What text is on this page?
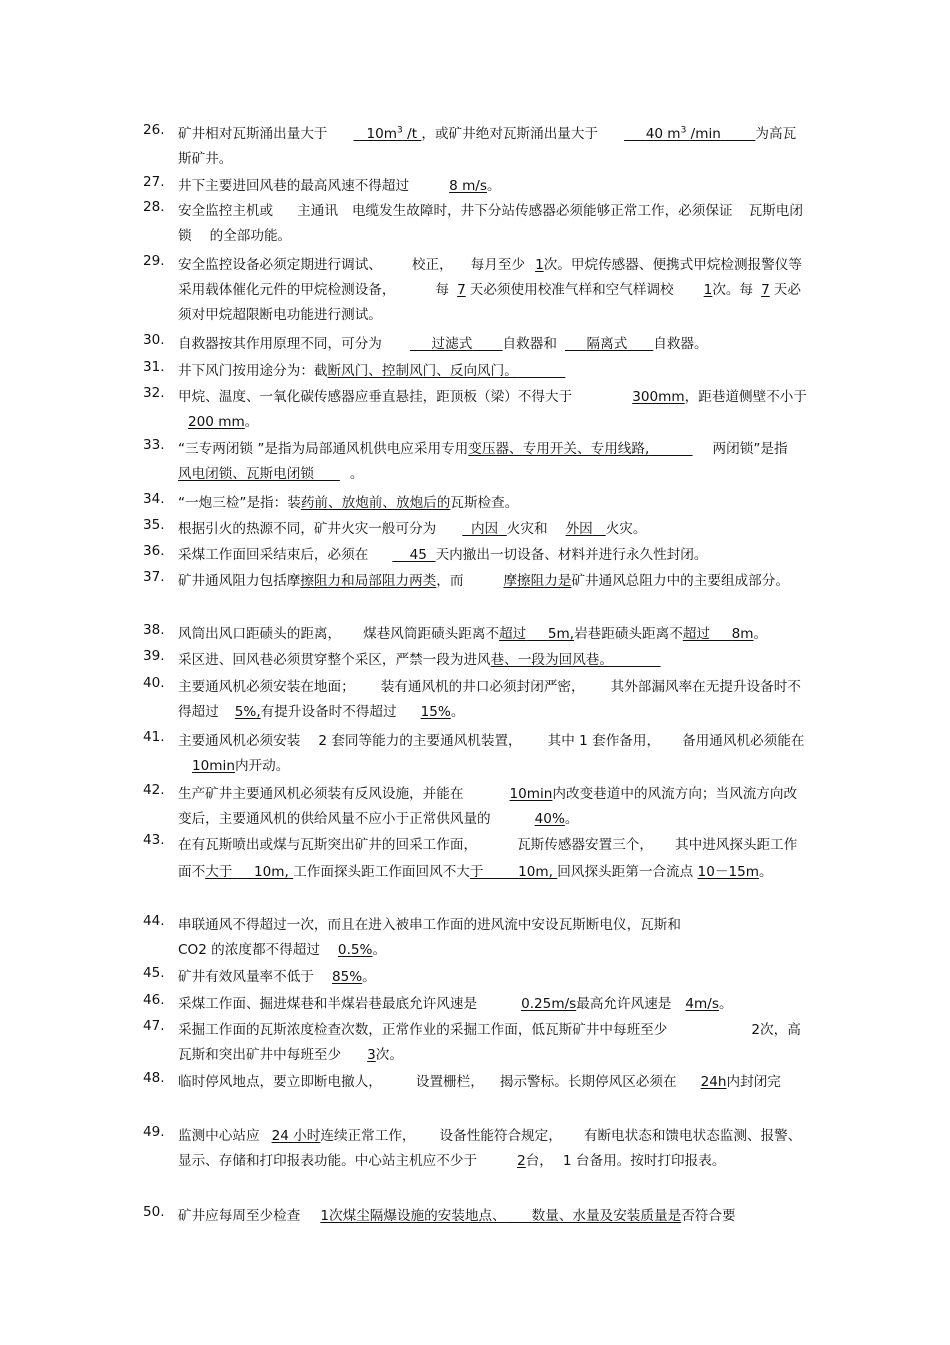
26. 矿井相对瓦斯涌出量大于	$10m^3$ /t ，或矿井绝对瓦斯涌出量大于	40 $m^3$ /min	为高瓦斯矿井。
27. 井下主要进回风巷的最高风速不得超过	8 m/s。
28. 安全监控主机或 主通讯 电缆发生故障时，井下分站传感器必须能够正常工作，必须保证 瓦斯电闭锁 的全部功能。
29. 安全监控设备必须定期进行调试、 校正， 每月至少 1次。甲烷传感器、便携式甲烷检测报警仪等采用载体催化元件的甲烷检测设备，	每 7 天必须使用校准气样和空气样调校 1次。每 7 天必须对甲烷超限断电功能进行测试。
30. 自救器按其作用原理不同，可分为	过滤式 自救器和 隔离式 自救器。
31. 井下风门按用途分为：截断风门、控制风门、反向风门。
32. 甲烷、温度、一氧化碳传感器应垂直悬挂，距顶板（梁）不得大于	300mm，距巷道侧壁不小于200 mm。
33. “三专两闭锁 ”是指为局部通风机供电应采用专用变压器、专用开关、专用线路,	两闭锁”是指风电闭锁、瓦斯电闭锁	。
34. “一炮三检”是指：装药前、放炮前、放炮后的瓦斯检查。
35. 根据引火的热源不同，矿井火灾一般可分为	内因 火灾和 外因 火灾。
36. 采煤工作面回采结束后，必须在	45 天内撤出一切设备、材料并进行永久性封闭。
37. 矿井通风阻力包括摩擦阻力和局部阻力两类，而	摩擦阻力是矿井通风总阻力中的主要组成部分。
38. 风筒出风口距碛头的距离， 煤巷风筒距碛头距离不超过 5m,岩巷距碛头距离不超过 8m。
39. 采区进、回风巷必须贯穿整个采区，严禁一段为进风巷、一段为回风巷。
40. 主要通风机必须安装在地面； 装有通风机的井口必须封闭严密， 其外部漏风率在无提升设备时不得超过 5%,有提升设备时不得超过 15%。
41. 主要通风机必须安装 2 套同等能力的主要通风机装置， 其中 1 套作备用， 备用通风机必须能在10min内开动。
42. 生产矿井主要通风机必须装有反风设施，并能在	10min内改变巷道中的风流方向；当风流方向改变后，主要通风机的供给风量不应小于正常供风量的	40%。
43. 在有瓦斯喷出或煤与瓦斯突出矿井的回采工作面，	瓦斯传感器安置三个， 其中进风探头距工作面不大于 10m, 工作面探头距工作面回风不大于	10m, 回风探头距第一合流点 10－15m。
44. 串联通风不得超过一次，而且在进入被串工作面的进风流中安设瓦斯断电仪，瓦斯和
CO2 的浓度都不得超过 0.5%。
45. 矿井有效风量率不低于 85%。
46. 采煤工作面、掘进煤巷和半煤岩巷最底允许风速是	0.25m/s最高允许风速是 4m/s。
47. 采掘工作面的瓦斯浓度检查次数，正常作业的采掘工作面，低瓦斯矿井中每班至少	2次，高瓦斯和突出矿井中每班至少 3次。
48. 临时停风地点，要立即断电撤人，	设置栅栏， 揭示警标。长期停风区必须在 24h内封闭完
49. 监测中心站应 24 小时连续正常工作， 设备性能符合规定， 有断电状态和馈电状态监测、报警、显示、存储和打印报表功能。中心站主机应不少于	2台， 1 台备用。按时打印报表。
50. 矿井应每周至少检查 1次煤尘隔爆设施的安装地点、 数量、水量及安装质量是否符合要
